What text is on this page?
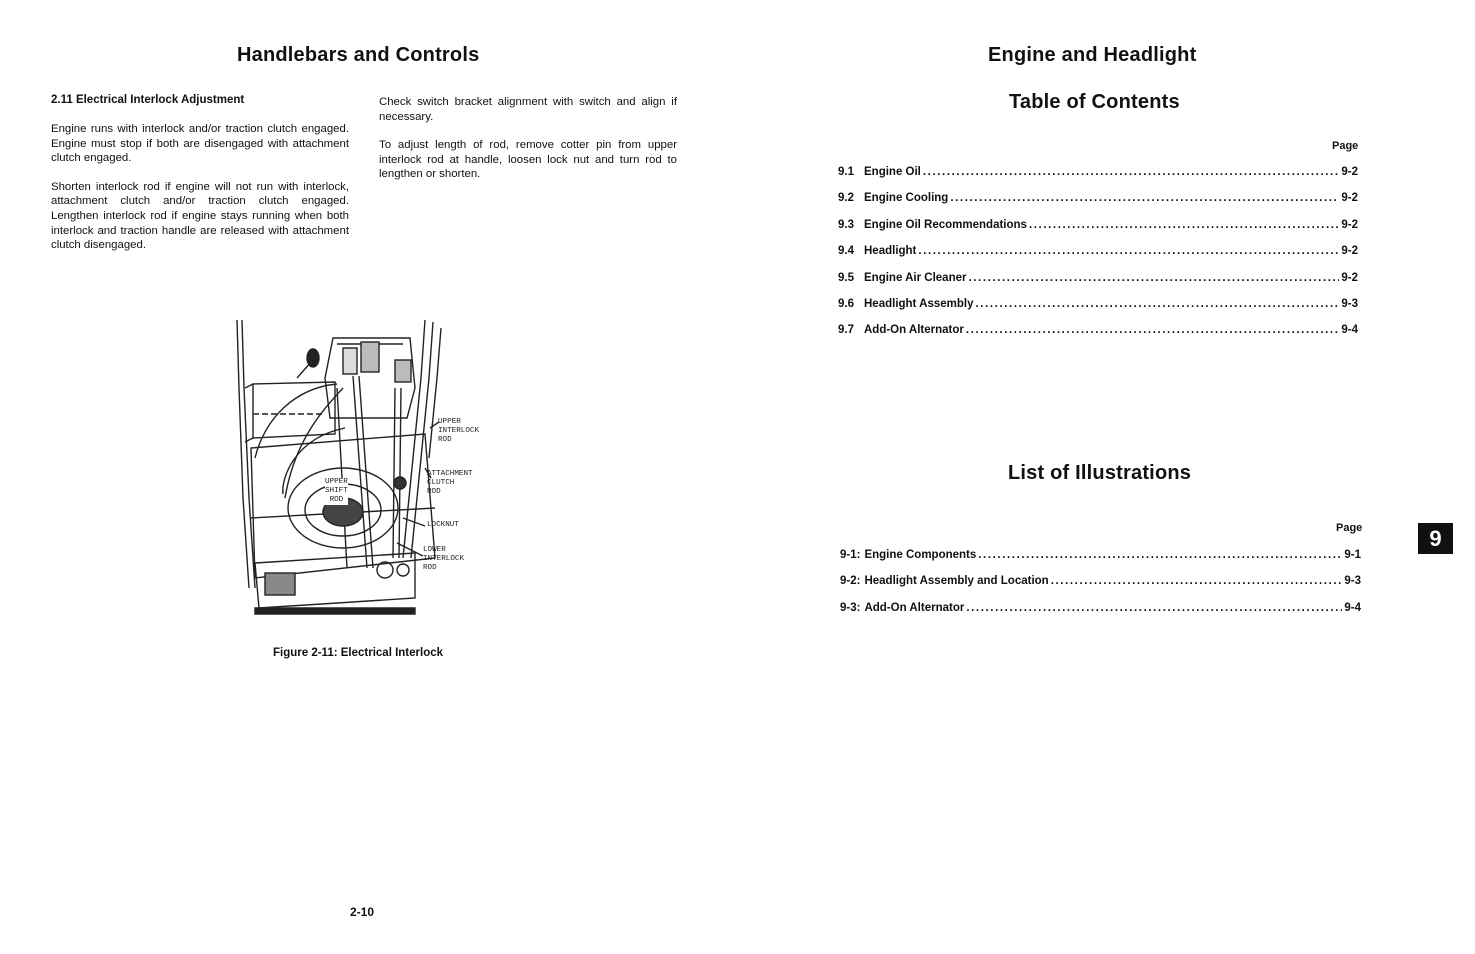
Handlebars and Controls
2.11 Electrical Interlock Adjustment

Engine runs with interlock and/or traction clutch engaged. Engine must stop if both are disengaged with attachment clutch engaged.

Shorten interlock rod if engine will not run with interlock, attachment clutch and/or traction clutch engaged. Lengthen interlock rod if engine stays running when both interlock and traction handle are released with attachment clutch disengaged.

Check switch bracket alignment with switch and align if necessary.

To adjust length of rod, remove cotter pin from upper interlock rod at handle, loosen lock nut and turn rod to lengthen or shorten.

UPPER
INTERLOCK
ROD
ATTACHMENT
CLUTCH
ROD
UPPER
SHIFT
ROD
LOCKNUT
LOWER
INTERLOCK
ROD
Figure 2-11: Electrical Interlock
2-10
Engine and Headlight
Table of Contents
Page
9.1 Engine Oil . . .	9-2
9.2 Engine Cooling . . .	9-2
9.3 Engine Oil Recommendations . . .	9-2
9.4 Headlight . . .	9-2
9.5 Engine Air Cleaner . . .	9-2
9.6 Headlight Assembly . . .	9-3
9.7 Add-On Alternator . . .	9-4
List of Illustrations
Page
9-1: Engine Components . . .	9-1
9-2: Headlight Assembly and Location . . .	9-3
9-3: Add-On Alternator . . .	9-4
9
